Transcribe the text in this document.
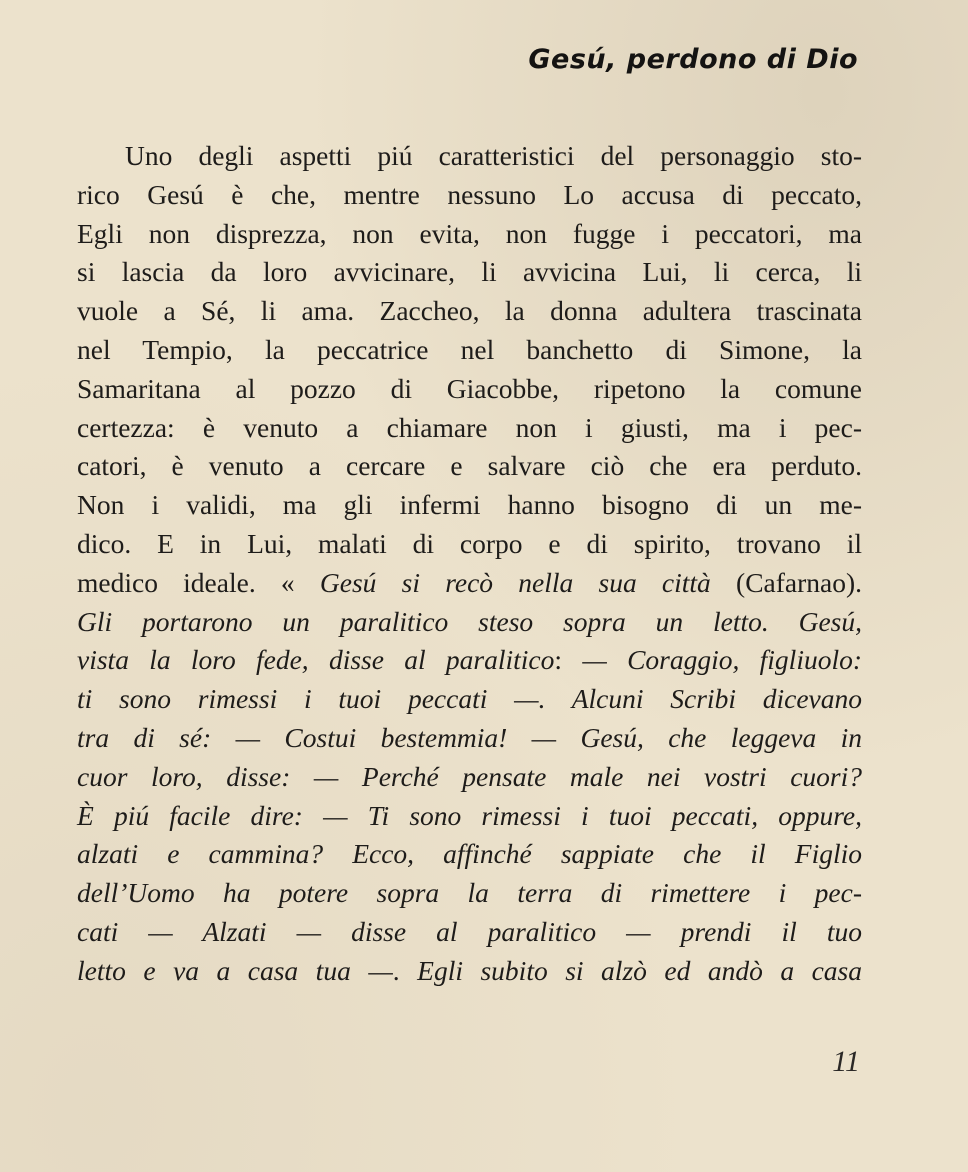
Gesú, perdono di Dio
Uno degli aspetti piú caratteristici del personaggio sto-
rico Gesú è che, mentre nessuno Lo accusa di peccato,
Egli non disprezza, non evita, non fugge i peccatori, ma
si lascia da loro avvicinare, li avvicina Lui, li cerca, li
vuole a Sé, li ama. Zaccheo, la donna adultera trascinata
nel Tempio, la peccatrice nel banchetto di Simone, la
Samaritana al pozzo di Giacobbe, ripetono la comune
certezza: è venuto a chiamare non i giusti, ma i pec-
catori, è venuto a cercare e salvare ciò che era perduto.
Non i validi, ma gli infermi hanno bisogno di un me-
dico. E in Lui, malati di corpo e di spirito, trovano il
medico ideale. « Gesú si recò nella sua città (Cafarnao).
Gli portarono un paralitico steso sopra un letto. Gesú,
vista la loro fede, disse al paralitico: — Coraggio, figliuolo:
ti sono rimessi i tuoi peccati —. Alcuni Scribi dicevano
tra di sé: — Costui bestemmia! — Gesú, che leggeva in
cuor loro, disse: — Perché pensate male nei vostri cuori?
È piú facile dire: — Ti sono rimessi i tuoi peccati, oppure,
alzati e cammina? Ecco, affinché sappiate che il Figlio
dell’Uomo ha potere sopra la terra di rimettere i pec-
cati — Alzati — disse al paralitico — prendi il tuo
letto e va a casa tua —. Egli subito si alzò ed andò a casa
11
